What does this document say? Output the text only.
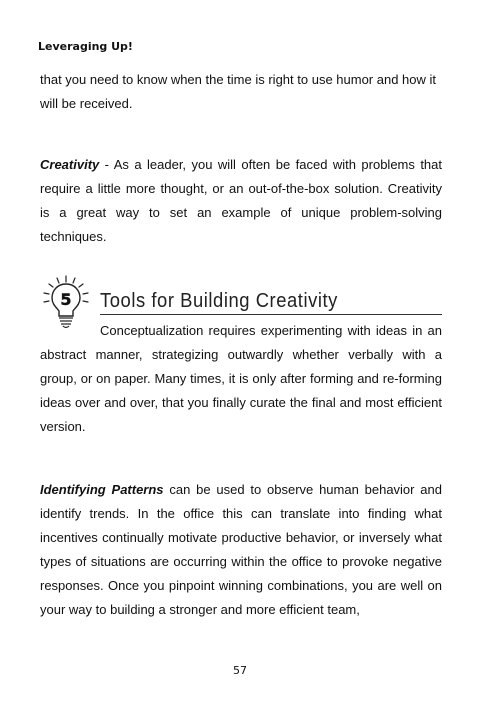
Leveraging Up!

that you need to know when the time is right to use humor and how it will be received.

Creativity - As a leader, you will often be faced with problems that require a little more thought, or an out-of-the-box solution. Creativity is a great way to set an example of unique problem-solving techniques.

5 Tools for Building Creativity

Conceptualization requires experimenting with ideas in an abstract manner, strategizing outwardly whether verbally with a group, or on paper. Many times, it is only after forming and re-forming ideas over and over, that you finally curate the final and most efficient version.

Identifying Patterns can be used to observe human behavior and identify trends. In the office this can translate into finding what incentives continually motivate productive behavior, or inversely what types of situations are occurring within the office to provoke negative responses. Once you pinpoint winning combinations, you are well on your way to building a stronger and more efficient team,

57
